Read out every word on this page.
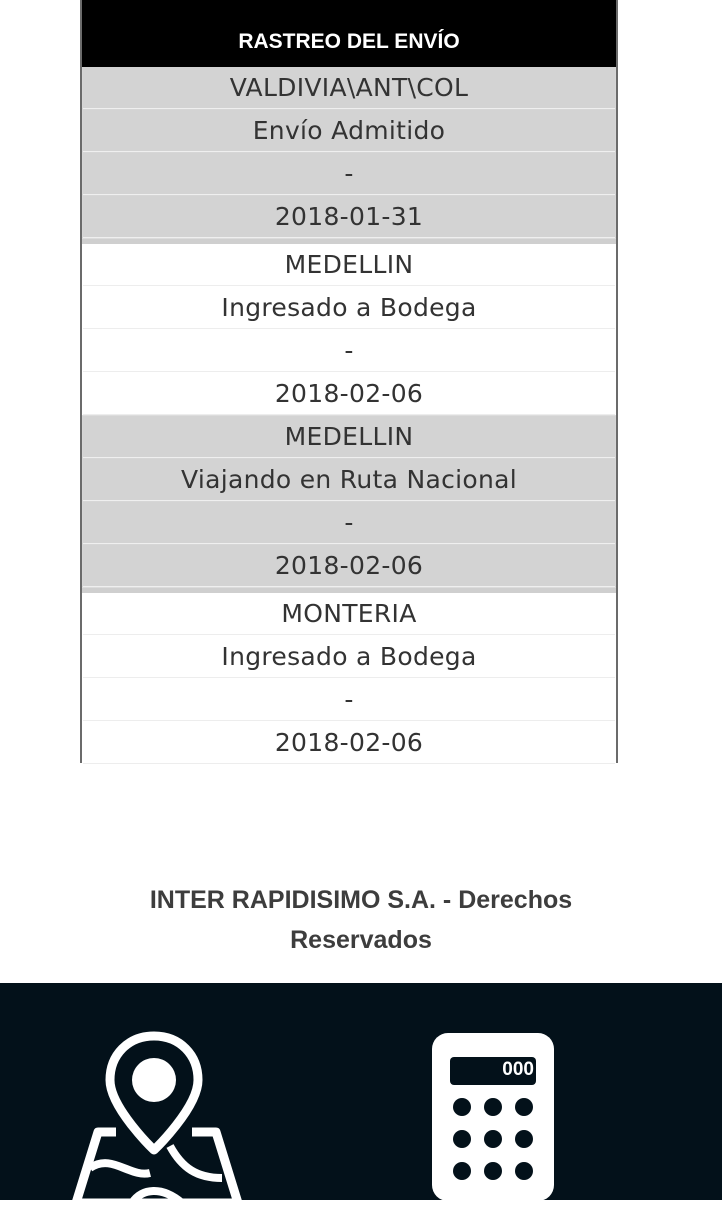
RASTREO DEL ENVÍO
VALDIVIA\ANT\COL
Envío Admitido
-
2018-01-31
MEDELLIN
Ingresado a Bodega
-
2018-02-06
MEDELLIN
Viajando en Ruta Nacional
-
2018-02-06
MONTERIA
Ingresado a Bodega
-
2018-02-06
INTER RAPIDISIMO S.A. - Derechos
Reservados
000
